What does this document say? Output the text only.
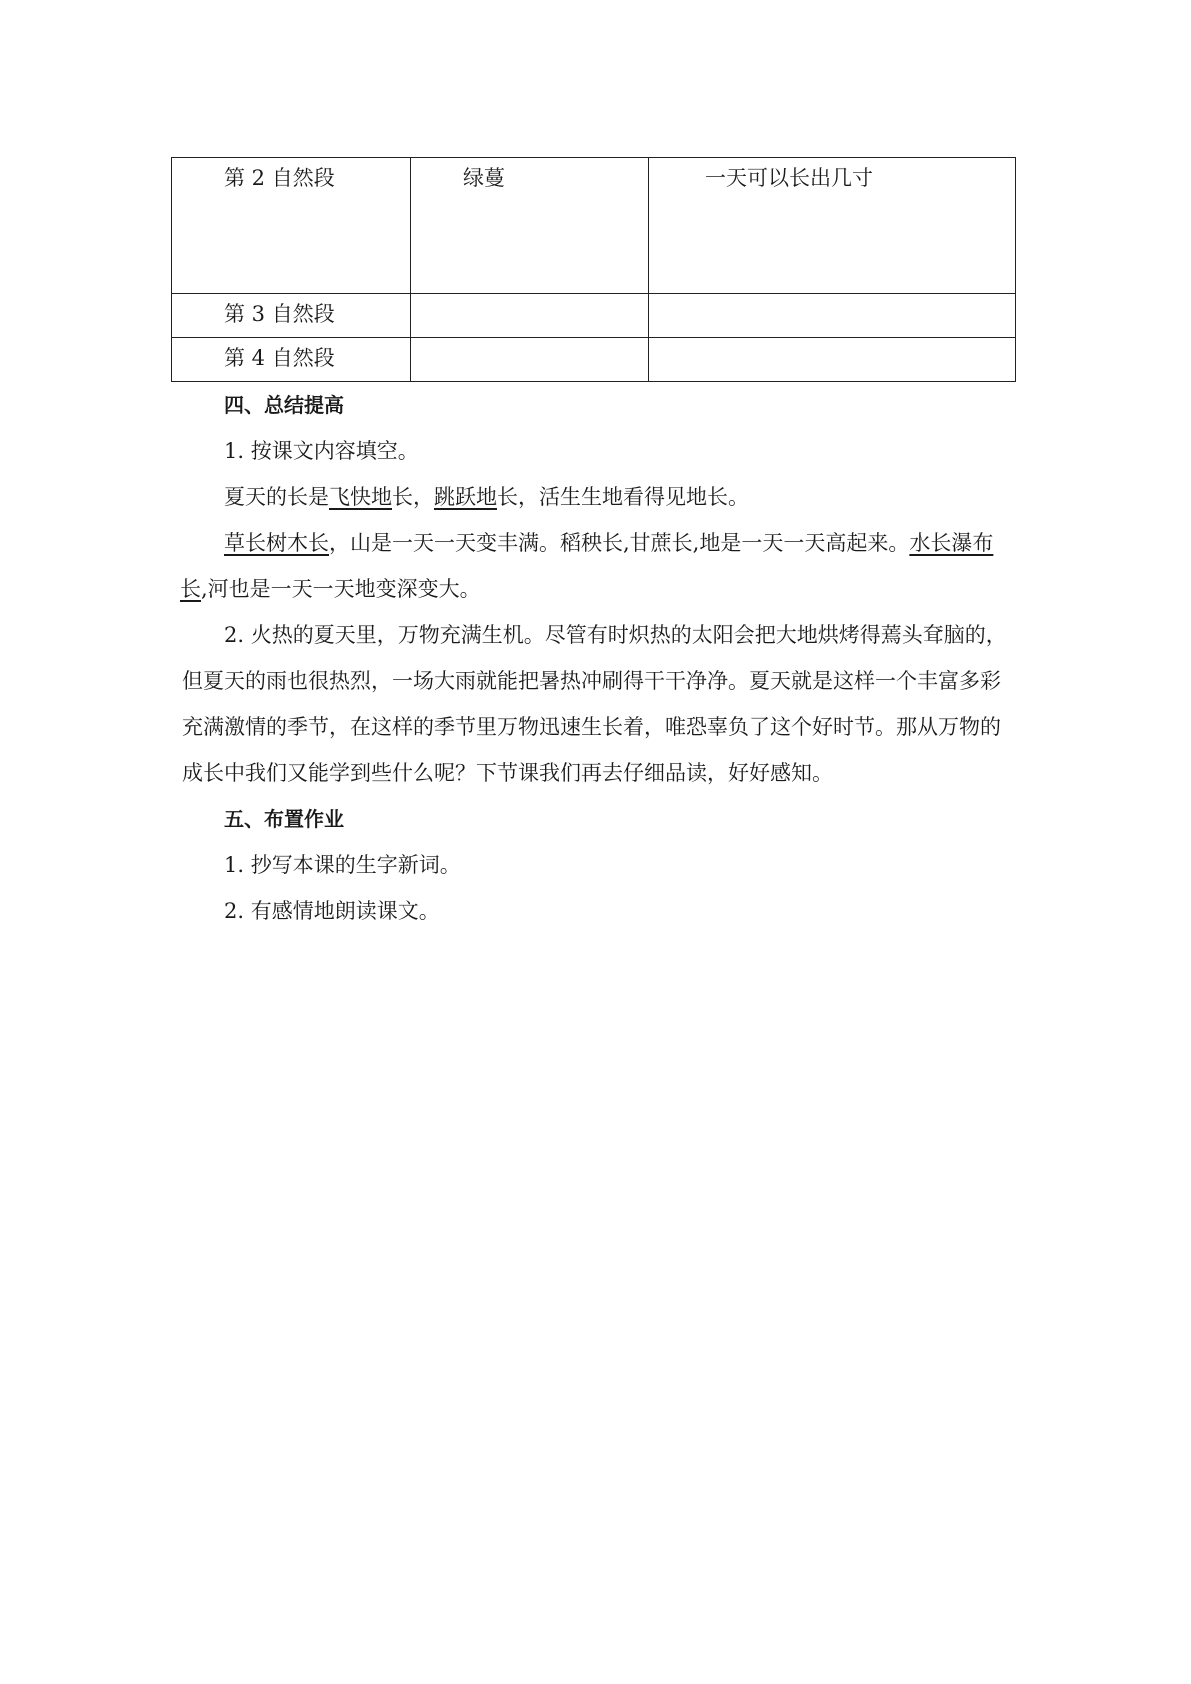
第 2 自然段	绿蔓	一天可以长出几寸
第 3 自然段		
第 4 自然段		
四、总结提高
1. 按课文内容填空。
夏天的长是飞快地长，跳跃地长，活生生地看得见地长。
草长树木长，山是一天一天变丰满。稻秧长,甘蔗长,地是一天一天高起来。水长瀑布
长,河也是一天一天地变深变大。
2. 火热的夏天里，万物充满生机。尽管有时炽热的太阳会把大地烘烤得蔫头耷脑的，
但夏天的雨也很热烈，一场大雨就能把暑热冲刷得干干净净。夏天就是这样一个丰富多彩
充满激情的季节，在这样的季节里万物迅速生长着，唯恐辜负了这个好时节。那从万物的
成长中我们又能学到些什么呢？下节课我们再去仔细品读，好好感知。
五、布置作业
1. 抄写本课的生字新词。
2. 有感情地朗读课文。
